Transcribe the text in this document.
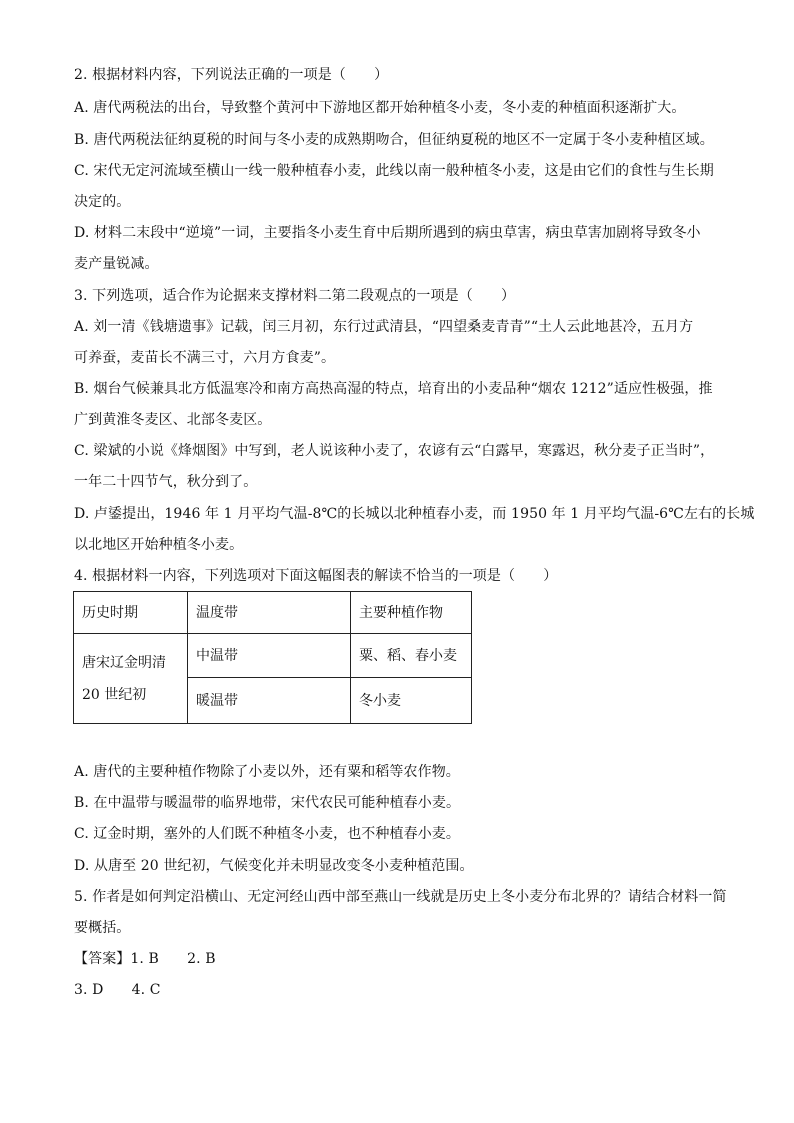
2. 根据材料内容，下列说法正确的一项是（　　）
A. 唐代两税法的出台，导致整个黄河中下游地区都开始种植冬小麦，冬小麦的种植面积逐渐扩大。
B. 唐代两税法征纳夏税的时间与冬小麦的成熟期吻合，但征纳夏税的地区不一定属于冬小麦种植区域。
C. 宋代无定河流域至横山一线一般种植春小麦，此线以南一般种植冬小麦，这是由它们的食性与生长期
决定的。
D. 材料二末段中“逆境”一词，主要指冬小麦生育中后期所遇到的病虫草害，病虫草害加剧将导致冬小
麦产量锐减。
3. 下列选项，适合作为论据来支撑材料二第二段观点的一项是（　　）
A. 刘一清《钱塘遗事》记载，闰三月初，东行过武清县，“四望桑麦青青”“土人云此地甚冷，五月方
可养蚕，麦苗长不满三寸，六月方食麦”。
B. 烟台气候兼具北方低温寒冷和南方高热高湿的特点，培育出的小麦品种“烟农 1212”适应性极强，推
广到黄淮冬麦区、北部冬麦区。
C. 梁斌的小说《烽烟图》中写到，老人说该种小麦了，农谚有云“白露早，寒露迟，秋分麦子正当时”，
一年二十四节气，秋分到了。
D. 卢鋈提出，1946 年 1 月平均气温-8℃的长城以北种植春小麦，而 1950 年 1 月平均气温-6℃左右的长城
以北地区开始种植冬小麦。
4. 根据材料一内容，下列选项对下面这幅图表的解读不恰当的一项是（　　）
A. 唐代的主要种植作物除了小麦以外，还有粟和稻等农作物。
B. 在中温带与暖温带的临界地带，宋代农民可能种植春小麦。
C. 辽金时期，塞外的人们既不种植冬小麦，也不种植春小麦。
D. 从唐至 20 世纪初，气候变化并未明显改变冬小麦种植范围。
5. 作者是如何判定沿横山、无定河经山西中部至燕山一线就是历史上冬小麦分布北界的？请结合材料一简
要概括。
历史时期	温度带	主要种植作物

唐宋辽金明清
20 世纪初	中温带	粟、稻、春小麦
	暖温带	冬小麦
【答案】1. B　　2. B
3. D　　4. C
